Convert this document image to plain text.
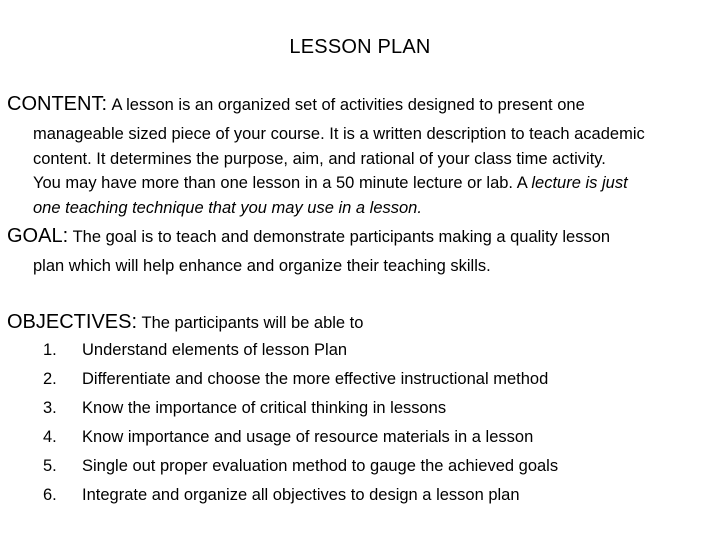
LESSON PLAN
CONTENT: A lesson is an organized set of activities designed to present one
manageable sized piece of your course. It is a written description to teach academic
content. It determines the purpose, aim, and rational of your class time activity.
You may have more than one lesson in a 50 minute lecture or lab. A lecture is just
one teaching technique that you may use in a lesson.
GOAL: The goal is to teach and demonstrate participants making a quality lesson
plan which will help enhance and organize their teaching skills.
OBJECTIVES: The participants will be able to
1.	Understand elements of lesson Plan
2.	Differentiate and choose the more effective instructional method
3.	Know the importance of critical thinking in lessons
4.	Know importance and usage of resource materials in a lesson
5.	Single out proper evaluation method to gauge the achieved goals
6.	Integrate and organize all objectives to design a lesson plan
